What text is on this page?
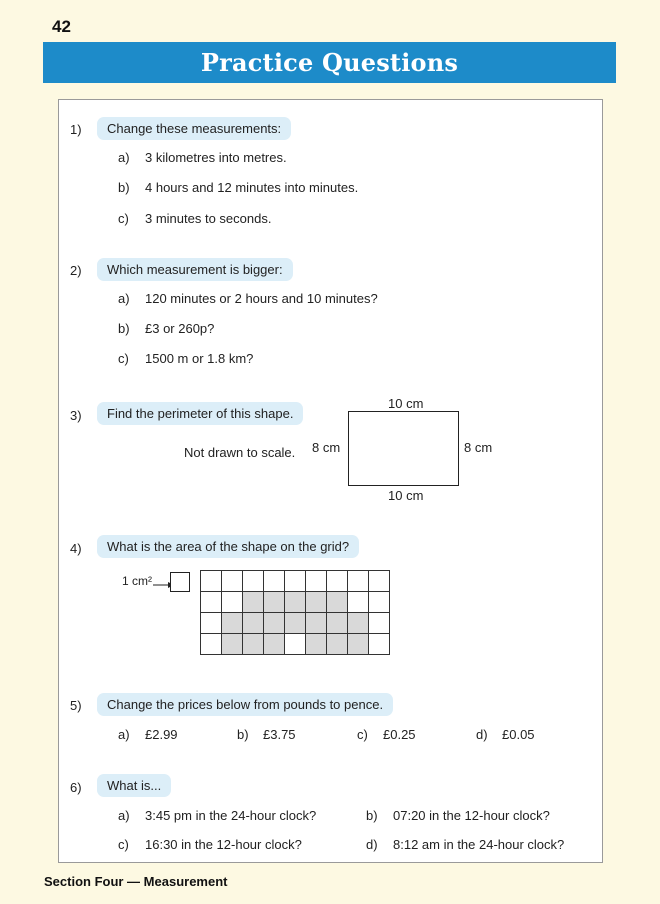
42
Practice Questions
1)	Change these measurements:
a) 3 kilometres into metres.
b) 4 hours and 12 minutes into minutes.
c) 3 minutes to seconds.
2)	Which measurement is bigger:
a) 120 minutes or 2 hours and 10 minutes?
b) £3 or 260p?
c) 1500 m or 1.8 km?
3)	Find the perimeter of this shape.
Not drawn to scale.
10 cm
8 cm	8 cm
10 cm
4)	What is the area of the shape on the grid?
1 cm²
5)	Change the prices below from pounds to pence.
a) £2.99	b) £3.75	c) £0.25	d) £0.05
6)	What is...
a) 3:45 pm in the 24-hour clock?	b) 07:20 in the 12-hour clock?
c) 16:30 in the 12-hour clock?	d) 8:12 am in the 24-hour clock?
Section Four — Measurement
